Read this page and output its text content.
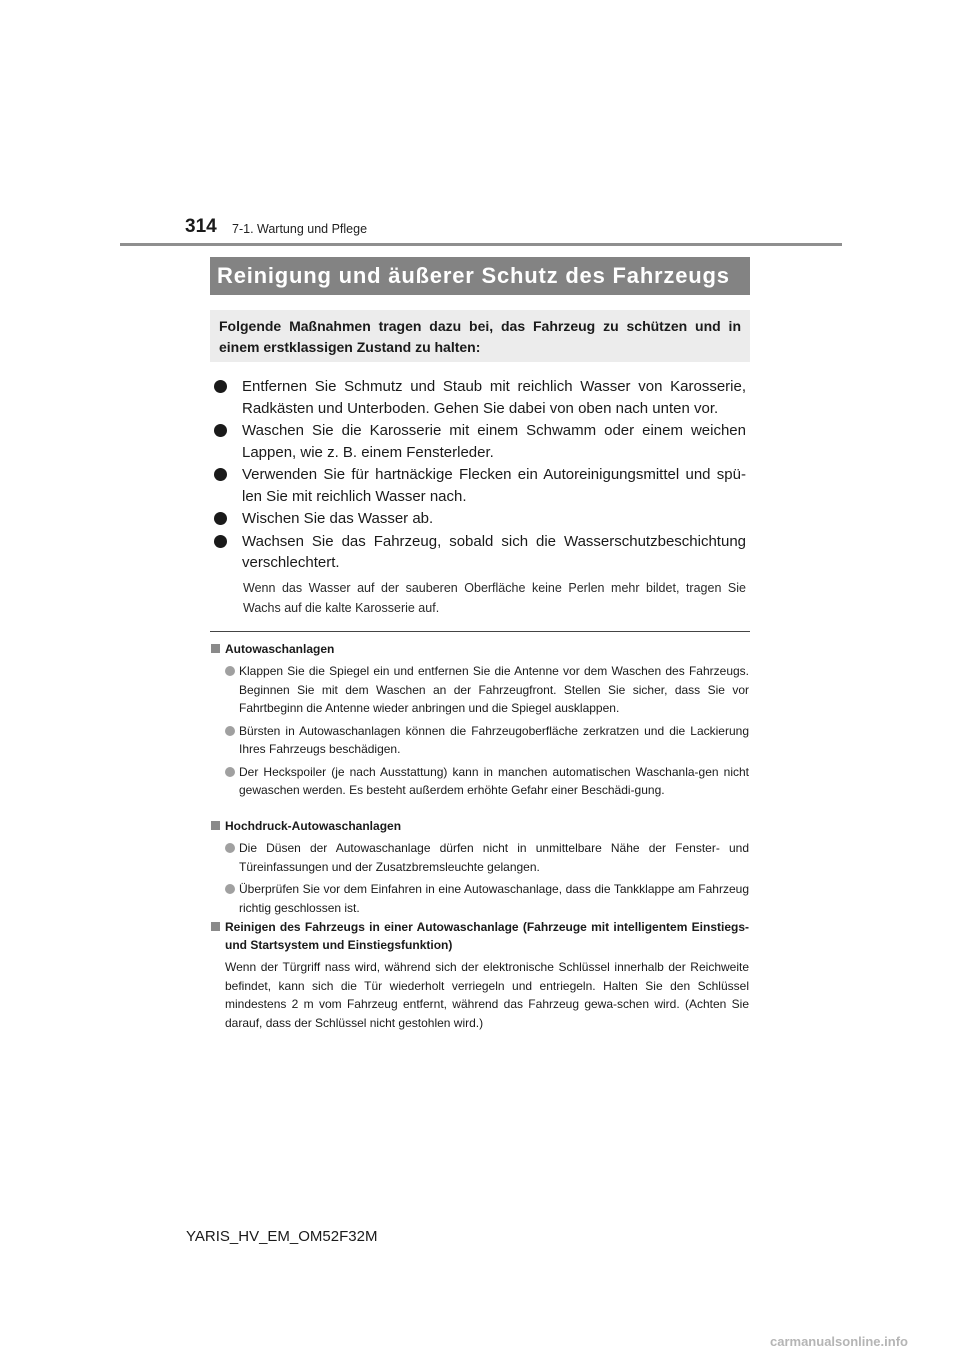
314 7-1. Wartung und Pflege
Reinigung und äußerer Schutz des Fahrzeugs
Folgende Maßnahmen tragen dazu bei, das Fahrzeug zu schützen und in einem erstklassigen Zustand zu halten:
Entfernen Sie Schmutz und Staub mit reichlich Wasser von Karosserie, Radkästen und Unterboden. Gehen Sie dabei von oben nach unten vor.
Waschen Sie die Karosserie mit einem Schwamm oder einem weichen Lappen, wie z. B. einem Fensterleder.
Verwenden Sie für hartnäckige Flecken ein Autoreinigungsmittel und spü-len Sie mit reichlich Wasser nach.
Wischen Sie das Wasser ab.
Wachsen Sie das Fahrzeug, sobald sich die Wasserschutzbeschichtung verschlechtert.
Wenn das Wasser auf der sauberen Oberfläche keine Perlen mehr bildet, tragen Sie Wachs auf die kalte Karosserie auf.
Autowaschanlagen
Klappen Sie die Spiegel ein und entfernen Sie die Antenne vor dem Waschen des Fahrzeugs. Beginnen Sie mit dem Waschen an der Fahrzeugfront. Stellen Sie sicher, dass Sie vor Fahrtbeginn die Antenne wieder anbringen und die Spiegel ausklappen.
Bürsten in Autowaschanlagen können die Fahrzeugoberfläche zerkratzen und die Lackierung Ihres Fahrzeugs beschädigen.
Der Heckspoiler (je nach Ausstattung) kann in manchen automatischen Waschanla-gen nicht gewaschen werden. Es besteht außerdem erhöhte Gefahr einer Beschädi-gung.
Hochdruck-Autowaschanlagen
Die Düsen der Autowaschanlage dürfen nicht in unmittelbare Nähe der Fenster- und Türeinfassungen und der Zusatzbremsleuchte gelangen.
Überprüfen Sie vor dem Einfahren in eine Autowaschanlage, dass die Tankklappe am Fahrzeug richtig geschlossen ist.
Reinigen des Fahrzeugs in einer Autowaschanlage (Fahrzeuge mit intelligentem Einstiegs- und Startsystem und Einstiegsfunktion)
Wenn der Türgriff nass wird, während sich der elektronische Schlüssel innerhalb der Reichweite befindet, kann sich die Tür wiederholt verriegeln und entriegeln. Halten Sie den Schlüssel mindestens 2 m vom Fahrzeug entfernt, während das Fahrzeug gewa-schen wird. (Achten Sie darauf, dass der Schlüssel nicht gestohlen wird.)
YARIS_HV_EM_OM52F32M
carmanualsonline.info
